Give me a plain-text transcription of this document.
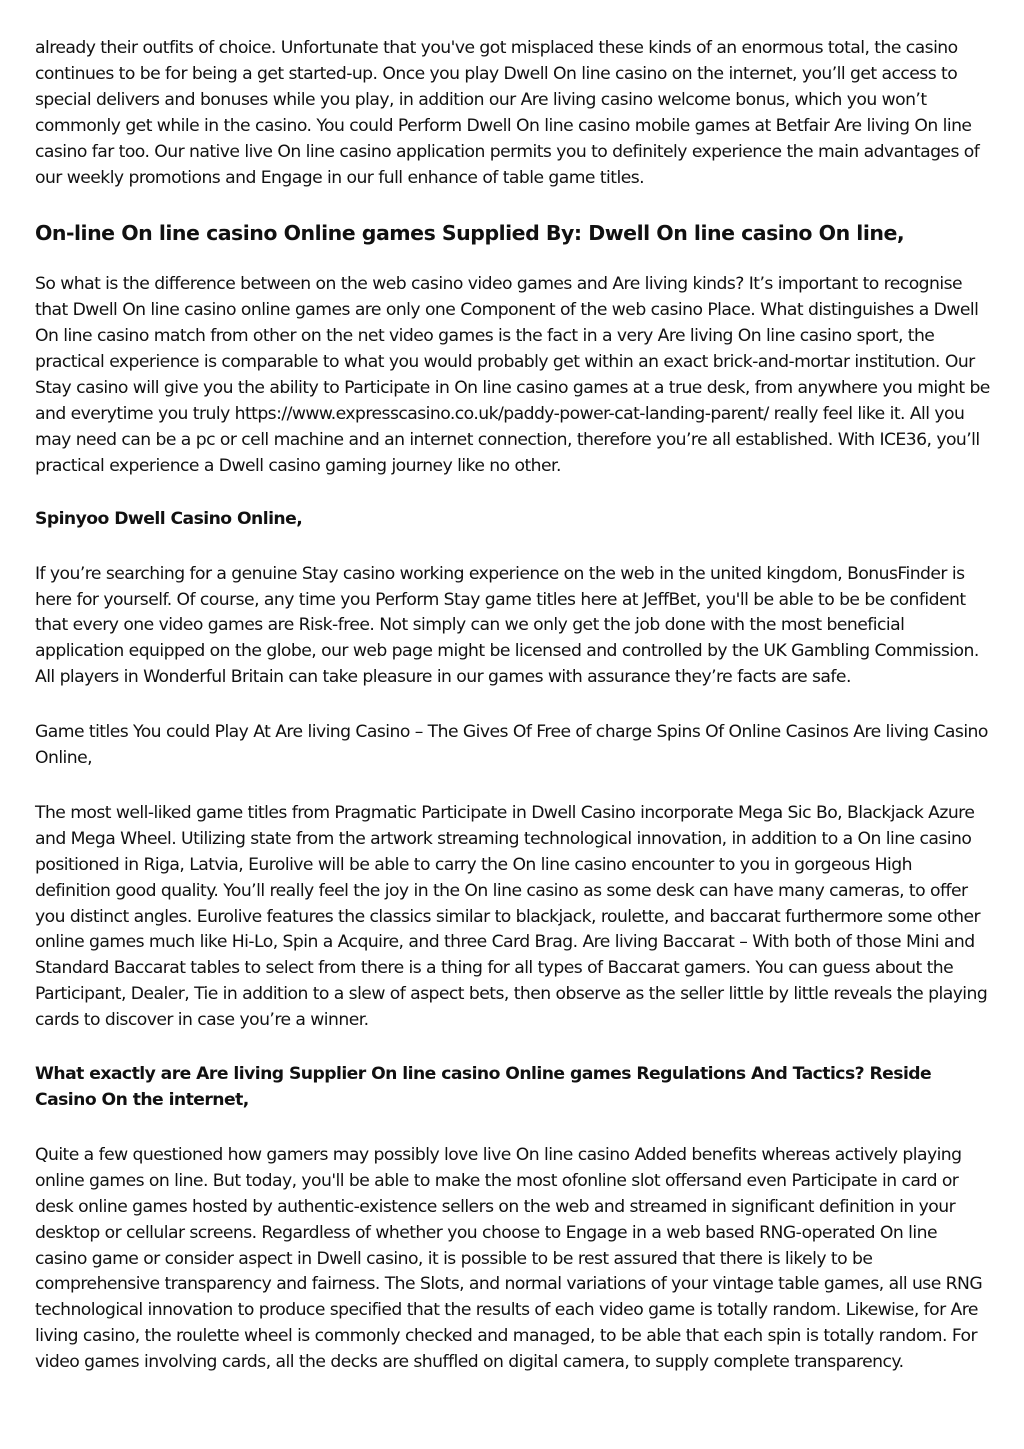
already their outfits of choice. Unfortunate that you've got misplaced these kinds of an enormous total, the casino continues to be for being a get started-up. Once you play Dwell On line casino on the internet, you’ll get access to special delivers and bonuses while you play, in addition our Are living casino welcome bonus, which you won’t commonly get while in the casino. You could Perform Dwell On line casino mobile games at Betfair Are living On line casino far too. Our native live On line casino application permits you to definitely experience the main advantages of our weekly promotions and Engage in our full enhance of table game titles.

On-line On line casino Online games Supplied By: Dwell On line casino On line,

So what is the difference between on the web casino video games and Are living kinds? It’s important to recognise that Dwell On line casino online games are only one Component of the web casino Place. What distinguishes a Dwell On line casino match from other on the net video games is the fact in a very Are living On line casino sport, the practical experience is comparable to what you would probably get within an exact brick-and-mortar institution. Our Stay casino will give you the ability to Participate in On line casino games at a true desk, from anywhere you might be and everytime you truly https://www.expresscasino.co.uk/paddy-power-cat-landing-parent/ really feel like it. All you may need can be a pc or cell machine and an internet connection, therefore you’re all established. With ICE36, you’ll practical experience a Dwell casino gaming journey like no other.

Spinyoo Dwell Casino Online,

If you’re searching for a genuine Stay casino working experience on the web in the united kingdom, BonusFinder is here for yourself. Of course, any time you Perform Stay game titles here at JeffBet, you'll be able to be be confident that every one video games are Risk-free. Not simply can we only get the job done with the most beneficial application equipped on the globe, our web page might be licensed and controlled by the UK Gambling Commission. All players in Wonderful Britain can take pleasure in our games with assurance they’re facts are safe.

Game titles You could Play At Are living Casino – The Gives Of Free of charge Spins Of Online Casinos Are living Casino Online,

The most well-liked game titles from Pragmatic Participate in Dwell Casino incorporate Mega Sic Bo, Blackjack Azure and Mega Wheel. Utilizing state from the artwork streaming technological innovation, in addition to a On line casino positioned in Riga, Latvia, Eurolive will be able to carry the On line casino encounter to you in gorgeous High definition good quality. You’ll really feel the joy in the On line casino as some desk can have many cameras, to offer you distinct angles. Eurolive features the classics similar to blackjack, roulette, and baccarat furthermore some other online games much like Hi-Lo, Spin a Acquire, and three Card Brag. Are living Baccarat – With both of those Mini and Standard Baccarat tables to select from there is a thing for all types of Baccarat gamers. You can guess about the Participant, Dealer, Tie in addition to a slew of aspect bets, then observe as the seller little by little reveals the playing cards to discover in case you’re a winner.

What exactly are Are living Supplier On line casino Online games Regulations And Tactics? Reside Casino On the internet,

Quite a few questioned how gamers may possibly love live On line casino Added benefits whereas actively playing online games on line. But today, you'll be able to make the most ofonline slot offersand even Participate in card or desk online games hosted by authentic-existence sellers on the web and streamed in significant definition in your desktop or cellular screens. Regardless of whether you choose to Engage in a web based RNG-operated On line casino game or consider aspect in Dwell casino, it is possible to be rest assured that there is likely to be comprehensive transparency and fairness. The Slots, and normal variations of your vintage table games, all use RNG technological innovation to produce specified that the results of each video game is totally random. Likewise, for Are living casino, the roulette wheel is commonly checked and managed, to be able that each spin is totally random. For video games involving cards, all the decks are shuffled on digital camera, to supply complete transparency.
